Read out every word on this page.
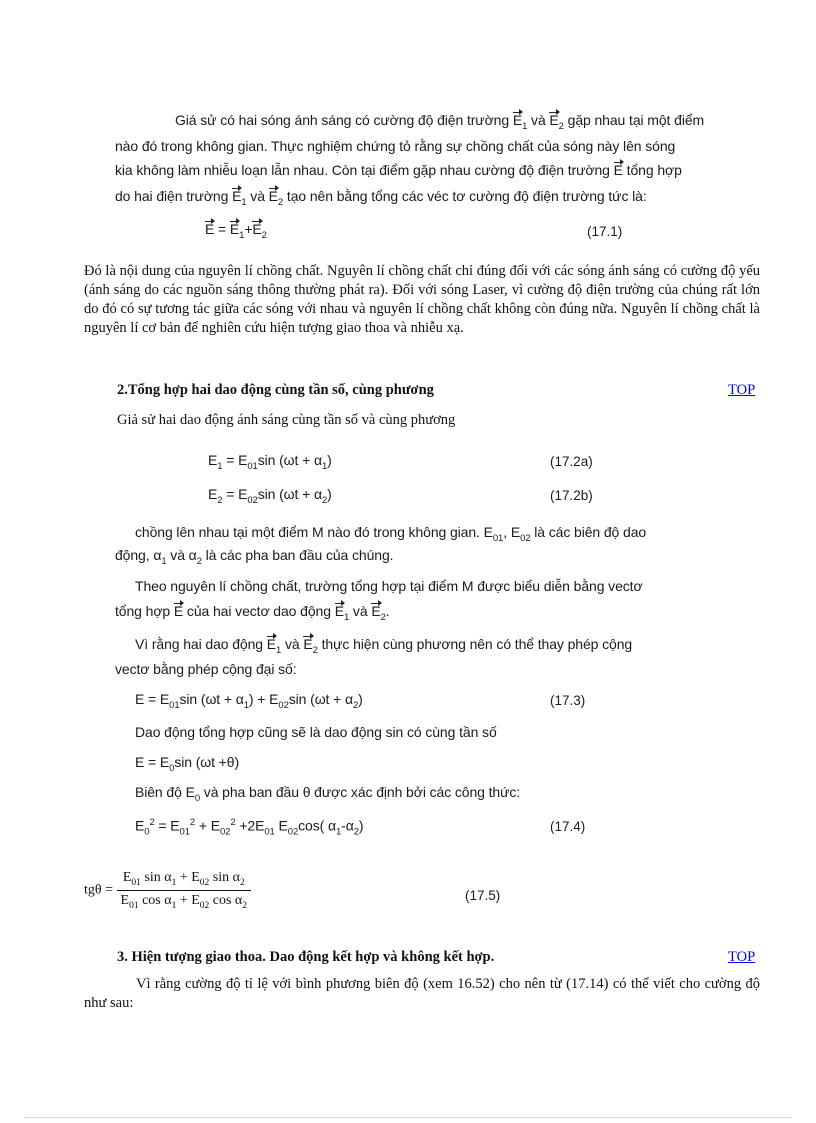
Giá sử có hai sóng ánh sáng có cường độ điện trường $E_1$ và $E_2$ gặp nhau tại một điểm
nào đó trong không gian. Thực nghiệm chứng tỏ rằng sự chồng chất của sóng này lên sóng
kia không làm nhiễu loạn lẫn nhau. Còn tại điểm gặp nhau cường độ điện trường E tổng hợp
do hai điện trường $E_1$ và $E_2$ tạo nên bằng tổng các véc tơ cường độ điện trường tức là:
$E = E_1+E_2$	(17.1)
Đó là nội dung của nguyên lí chồng chất. Nguyên lí chồng chất chỉ đúng đối với các sóng ánh sáng có cường độ yếu (ánh sáng do các nguồn sáng thông thường phát ra). Đối với sóng Laser, vì cường độ điện trường của chúng rất lớn do đó có sự tương tác giữa các sóng với nhau và nguyên lí chồng chất không còn đúng nữa. Nguyên lí chồng chất là nguyên lí cơ bản để nghiên cứu hiện tượng giao thoa và nhiễu xạ.
2.Tổng hợp hai dao động cùng tần số, cùng phương	TOP
Giả sử hai dao động ánh sáng cùng tần số và cùng phương
$E_1 = E_{01}\sin$ $(\omega t + \alpha_1)$	(17.2a)
$E_2 = E_{02}\sin$ $(\omega t + \alpha_2)$	(17.2b)
chồng lên nhau tại một điểm M nào đó trong không gian. $E_{01}$, $E_{02}$ là các biên độ dao
động, $\alpha_1$ và $\alpha_2$ là các pha ban đầu của chúng.
Theo nguyên lí chồng chất, trường tổng hợp tại điểm M được biểu diễn bằng vectơ
tổng hợp E của hai vectơ dao động $E_1$ và $E_2$.
Vì rằng hai dao động $E_1$ và $E_2$ thực hiện cùng phương nên có thể thay phép cộng
vectơ bằng phép cộng đại số:
$E = E_{01}\sin$ $(\omega t + \alpha_1) + E_{02}\sin$ $(\omega t + \alpha_2)$	(17.3)
Dao động tổng hợp cũng sẽ là dao động sin có cùng tần số
$E = E_0\sin$ (ωt +θ)
Biên độ $E_0$ và pha ban đầu θ được xác định bởi các công thức:
$E_0^2 = E_{01}^2 + E_{02}^2 +2E_{01}$ $E_{02}\cos$( $\alpha_1-\alpha_2$)	(17.4)
$tg\theta = \frac{E_{01} \sin \alpha_1 + E_{02} \sin \alpha_2}{E_{01} \cos \alpha_1 + E_{02} \cos \alpha_2}$	(17.5)
3. Hiện tượng giao thoa. Dao động kết hợp và không kết hợp.	TOP
Vì rằng cường độ tỉ lệ với bình phương biên độ (xem 16.52) cho nên từ (17.14) có thể viết cho cường độ như sau:
